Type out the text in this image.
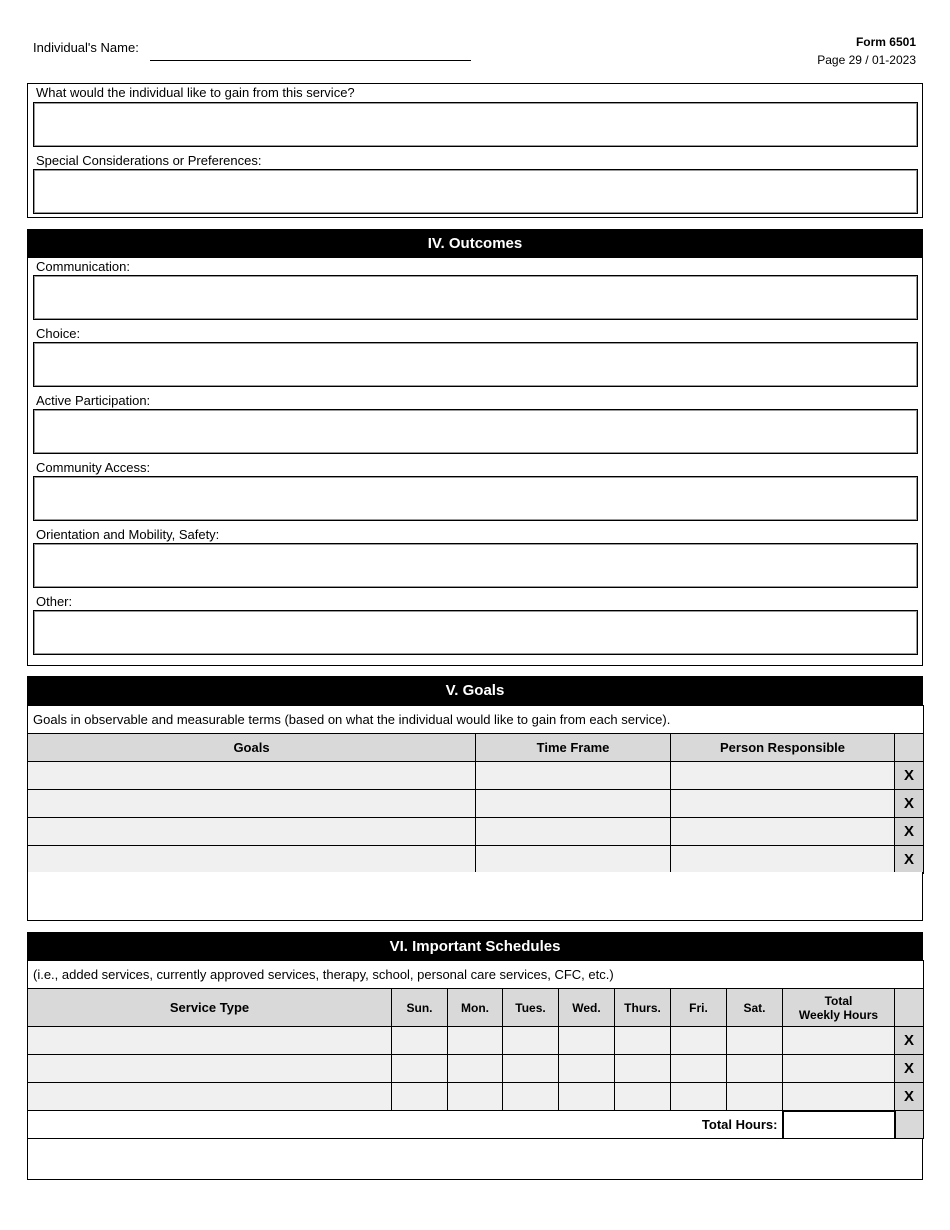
Individual's Name:	Form 6501
Page 29 / 01-2023
What would the individual like to gain from this service?
Special Considerations or Preferences:
IV. Outcomes
Communication:
Choice:
Active Participation:
Community Access:
Orientation and Mobility, Safety:
Other:
V. Goals
Goals in observable and measurable terms (based on what the individual would like to gain from each service).			
Goals	Time Frame	Person Responsible	
			X
			X
			X
			X
VI. Important Schedules
(i.e., added services, currently approved services, therapy, school, personal care services, CFC, etc.)									
Service Type	Sun.	Mon.	Tues.	Wed.	Thurs.	Fri.	Sat.	Total
Weekly Hours	

									X
									X
									X
Total Hours:									
